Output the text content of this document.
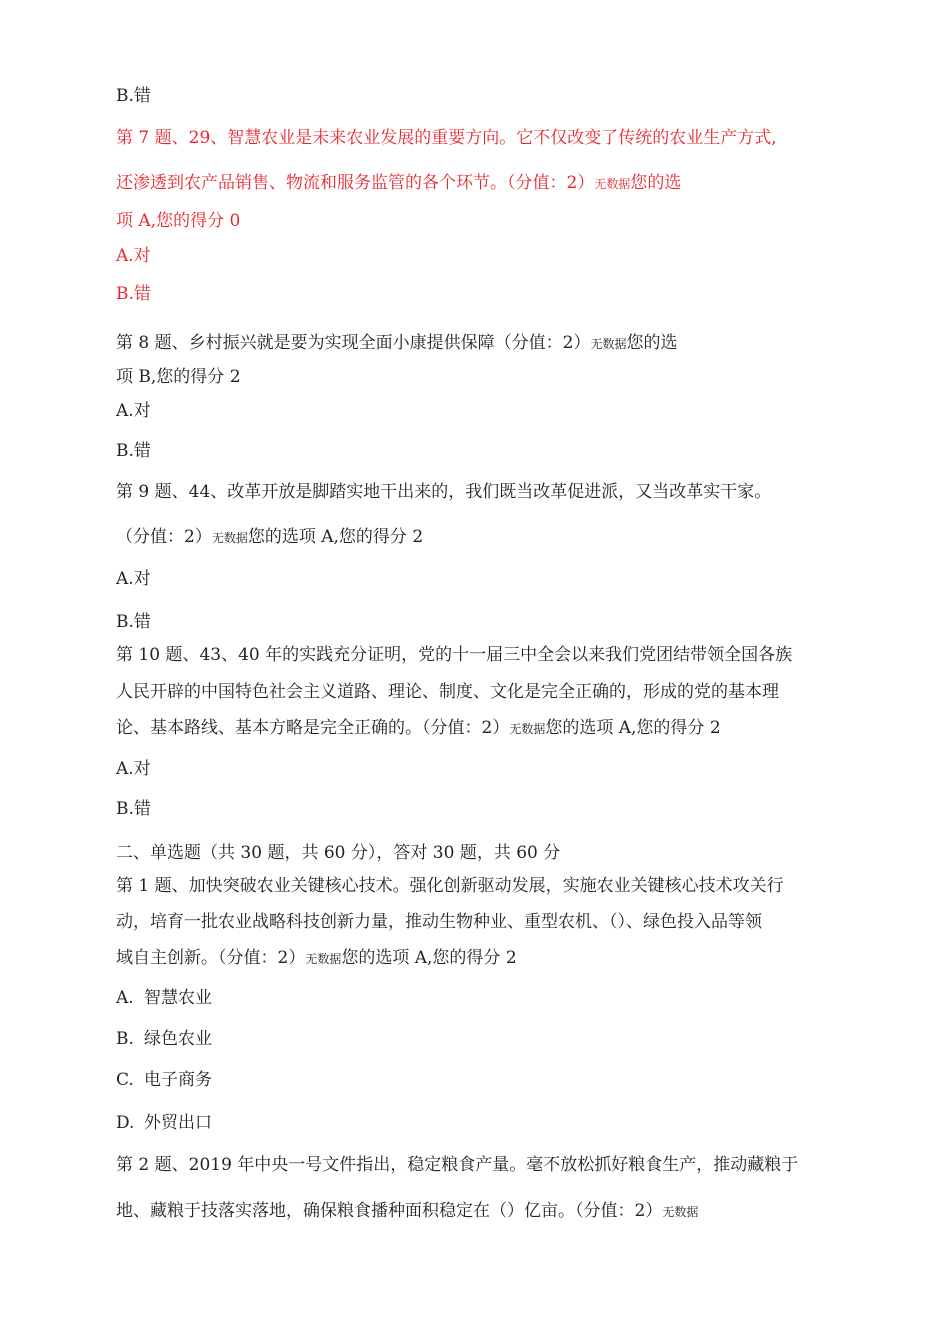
B.错
第 7 题、29、智慧农业是未来农业发展的重要方向。它不仅改变了传统的农业生产方式,
还渗透到农产品销售、物流和服务监管的各个环节。（分值：2）无数据您的选
项 A,您的得分 0
A.对
B.错
第 8 题、乡村振兴就是要为实现全面小康提供保障（分值：2）无数据您的选
项 B,您的得分 2
A.对
B.错
第 9 题、44、改革开放是脚踏实地干出来的，我们既当改革促进派，又当改革实干家。
（分值：2）无数据您的选项 A,您的得分 2
A.对
B.错
第 10 题、43、40 年的实践充分证明，党的十一届三中全会以来我们党团结带领全国各族
人民开辟的中国特色社会主义道路、理论、制度、文化是完全正确的，形成的党的基本理
论、基本路线、基本方略是完全正确的。（分值：2）无数据您的选项 A,您的得分 2
A.对
B.错
二、单选题（共 30 题，共 60 分），答对 30 题，共 60 分
第 1 题、加快突破农业关键核心技术。强化创新驱动发展，实施农业关键核心技术攻关行
动，培育一批农业战略科技创新力量，推动生物种业、重型农机、（）、绿色投入品等领
域自主创新。（分值：2）无数据您的选项 A,您的得分 2
A. 智慧农业
B. 绿色农业
C. 电子商务
D. 外贸出口
第 2 题、2019 年中央一号文件指出，稳定粮食产量。毫不放松抓好粮食生产，推动藏粮于
地、藏粮于技落实落地，确保粮食播种面积稳定在（）亿亩。（分值：2）无数据
